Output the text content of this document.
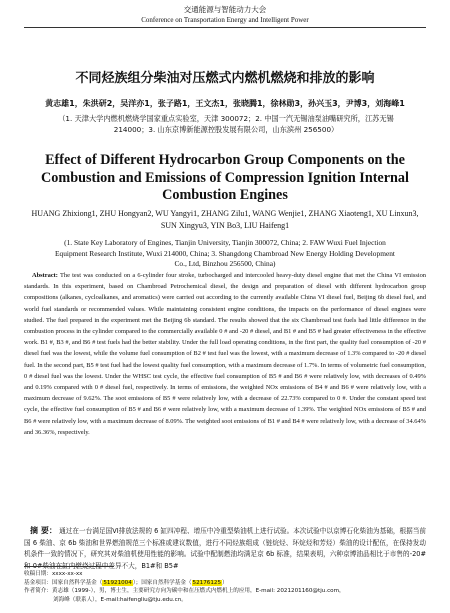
交通能源与智能动力大会
Conference on Transportation Energy and Intelligent Power
不同烃族组分柴油对压燃式内燃机燃烧和排放的影响
黄志雄1，朱洪研2，吴洋亦1，张子路1，王文杰1，张晓腾1，徐林勋3，孙兴玉3，尹博3，刘海峰1
（1. 天津大学内燃机燃烧学国家重点实验室，天津 300072；2. 中国一汽无锡油泵油嘴研究所，江苏无锡 214000；3. 山东京博新能源控股发展有限公司，山东滨州 256500）
Effect of Different Hydrocarbon Group Components on the Combustion and Emissions of Compression Ignition Internal Combustion Engines
HUANG Zhixiong1, ZHU Hongyan2, WU Yangyi1, ZHANG Zilu1, WANG Wenjie1, ZHANG Xiaoteng1, XU Linxun3, SUN Xingyu3, YIN Bo3, LIU Haifeng1
(1. State Key Laboratory of Engines, Tianjin University, Tianjin 300072, China; 2. FAW Wuxi Fuel Injection Equipment Research Institute, Wuxi 214000, China; 3. Shangdong Chambroad New Energy Holding Development Co., Ltd, Binzhou 256500, China)
Abstract: The test was conducted on a 6-cylinder four stroke, turbocharged and intercooled heavy-duty diesel engine that met the China VI emission standards. In this experiment, based on Chambroad Petrochemical diesel, the design and preparation of diesel with different hydrocarbon group compositions (alkanes, cycloalkanes, and aromatics) were carried out according to the currently available China VI diesel fuel, Beijing 6b diesel fuel, and world fuel standards or recommended values. While maintaining consistent engine conditions, the impacts on the performance of diesel engines were studied. The fuel prepared in the experiment met the Beijing 6b standard. The results showed that the six Chambroad test fuels had little difference in the combustion process in the cylinder compared to the commercially available 0 # and -20 # diesel, and B1 # and B5 # had greater effectiveness in the effective work. B1 #, B3 #, and B6 # test fuels had the better stability. Under the full load operating conditions, in the first part, the quality fuel consumption of -20 # diesel fuel was the lowest, while the volume fuel consumption of B2 # test fuel was the lowest, with a maximum decrease of 1.3% compared to -20 # diesel fuel. In the second part, B5 # test fuel had the lowest quality fuel consumption, with a maximum decrease of 1.7%. In terms of volumetric fuel consumption, 0 # diesel fuel was the lowest. Under the WHSC test cycle, the effective fuel consumption of B5 # and B6 # were relatively low, with decreases of 0.49% and 0.19% compared with 0 # diesel fuel, respectively. In terms of emissions, the weighted NOx emissions of B4 # and B6 # were relatively low, with a maximum decrease of 9.62%. The soot emissions of B5 # were relatively low, with a decrease of 22.73% compared to 0 #. Under the constant speed test cycle, the effective fuel consumption of B5 # and B6 # were relatively low, with a maximum decrease of 1.39%. The weighted NOx emissions of B5 # and B6 # were relatively low, with a maximum decrease of 8.09%. The weighted soot emissions of B1 # and B4 # were relatively low, with a decrease of 34.64% and 36.36%, respectively.
摘 要： 通过在一台满足国VI排放法规的 6 缸四冲程、增压中冷重型柴油机上进行试验。本次试验中以京博石化柴油为基础，根据当前国 6 柴油、京 6b 柴油和世界燃油规范三个标准或建议数值，进行不同烃族组成（链烷烃、环烷烃和芳烃）柴油的设计配伍，在保持发动机条件一致的情况下，研究其对柴油机使用性能的影响。试验中配制燃油均满足京 6b 标准，结果表明，六种京博油品相比于市售的-20#和 0#柴油在缸内燃烧过程中差异不大，B1#和 B5#
收稿日期：xxxx-xx-xx
基金项目：国家自然科学基金（51921004）；国家自然科学基金（52176125）
作者简介：黄志雄（1999-），男，博士生，主要研究方向为碳中和在压燃式内燃机上的应用，E-mail: 2021201160@tju.com，
刘海峰（联系人），E-mail:haifengliu@tju.edu.cn。
